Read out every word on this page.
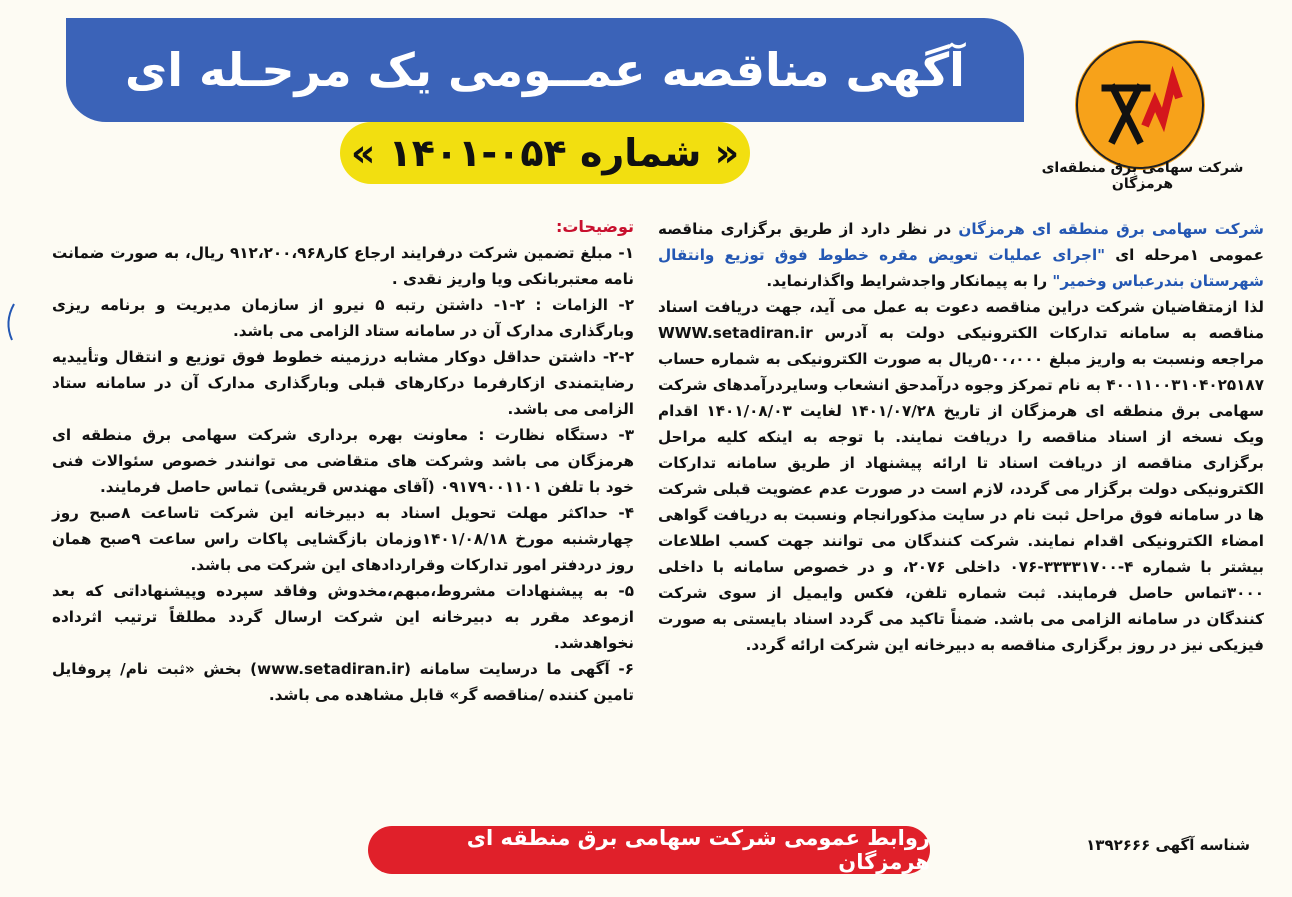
آگهی مناقصه عمــومی یک مرحـله ای
« شماره ۰۵۴-۱۴۰۱ »	شرکت سهامی برق منطقه‌ای هرمزگان

شرکت سهامی برق منطقه ای هرمزگان در نظر دارد از طریق برگزاری مناقصه عمومی ۱مرحله ای "اجرای عملیات تعویض مقره خطوط فوق توزیع وانتقال شهرستان بندرعباس وخمیر" را به پیمانکار واجدشرایط واگذارنماید.

لذا ازمتقاضیان شرکت دراین مناقصه دعوت به عمل می آید، جهت دریافت اسناد مناقصه به سامانه تدارکات الکترونیکی دولت به آدرس WWW.setadiran.ir مراجعه ونسبت به واریز مبلغ ۵۰۰،۰۰۰ریال به صورت الکترونیکی به شماره حساب ۴۰۰۱۱۰۰۳۱۰۴۰۲۵۱۸۷ به نام تمرکز وجوه درآمدحق انشعاب وسایردرآمدهای شرکت سهامی برق منطقه ای هرمزگان از تاریخ ۱۴۰۱/۰۷/۲۸ لغایت ۱۴۰۱/۰۸/۰۳ اقدام ویک نسخه از اسناد مناقصه را دریافت نمایند. با توجه به اینکه کلیه مراحل برگزاری مناقصه از دریافت اسناد تا ارائه پیشنهاد از طریق سامانه تدارکات الکترونیکی دولت برگزار می گردد، لازم است در صورت عدم عضویت قبلی شرکت ها در سامانه فوق مراحل ثبت نام در سایت مذکورانجام ونسبت به دریافت گواهی امضاء الکترونیکی اقدام نمایند. شرکت کنندگان می توانند جهت کسب اطلاعات بیشتر با شماره ۴-۳۳۳۳۱۷۰۰-۰۷۶ داخلی ۲۰۷۶، و در خصوص سامانه با داخلی ۳۰۰۰تماس حاصل فرمایند. ثبت شماره تلفن، فکس وایمیل از سوی شرکت کنندگان در سامانه الزامی می باشد. ضمناً تاکید می گردد اسناد بایستی به صورت فیزیکی نیز در روز برگزاری مناقصه به دبیرخانه این شرکت ارائه گردد.

توضیحات:

۱- مبلغ تضمین شرکت درفرایند ارجاع کار۹۱۲،۲۰۰،۹۶۸ ریال، به صورت ضمانت نامه معتبربانکی ویا واریز نقدی .

۲- الزامات : ۲-۱- داشتن رتبه ۵ نیرو از سازمان مدیریت و برنامه ریزی وبارگذاری مدارک آن در سامانه ستاد الزامی می باشد.

۲-۲- داشتن حداقل دوکار مشابه درزمینه خطوط فوق توزیع و انتقال وتأییدیه رضایتمندی ازکارفرما درکارهای قبلی وبارگذاری مدارک آن در سامانه ستاد الزامی می باشد.

۳- دستگاه نظارت : معاونت بهره برداری شرکت سهامی برق منطقه ای هرمزگان می باشد وشرکت های متقاضی می توانندر خصوص سئوالات فنی خود با تلفن ۰۹۱۷۹۰۰۱۱۰۱ (آقای مهندس قریشی) تماس حاصل فرمایند.

۴- حداکثر مهلت تحویل اسناد به دبیرخانه این شرکت تاساعت ۸صبح روز چهارشنبه مورخ ۱۴۰۱/۰۸/۱۸وزمان بازگشایی پاکات راس ساعت ۹صبح همان روز دردفتر امور تدارکات وقراردادهای این شرکت می باشد.

۵- به پیشنهادات مشروط،مبهم،مخدوش وفاقد سپرده وپیشنهاداتی که بعد ازموعد مقرر به دبیرخانه این شرکت ارسال گردد مطلقاً ترتیب اثرداده نخواهدشد.

۶- آگهی ما درسایت سامانه (www.setadiran.ir) بخش «ثبت نام/ پروفایل تامین کننده /مناقصه گر» قابل مشاهده می باشد.

روابط عمومی شرکت سهامی برق منطقه ای هرمزگان
شناسه آگهی ۱۳۹۲۶۶۶
